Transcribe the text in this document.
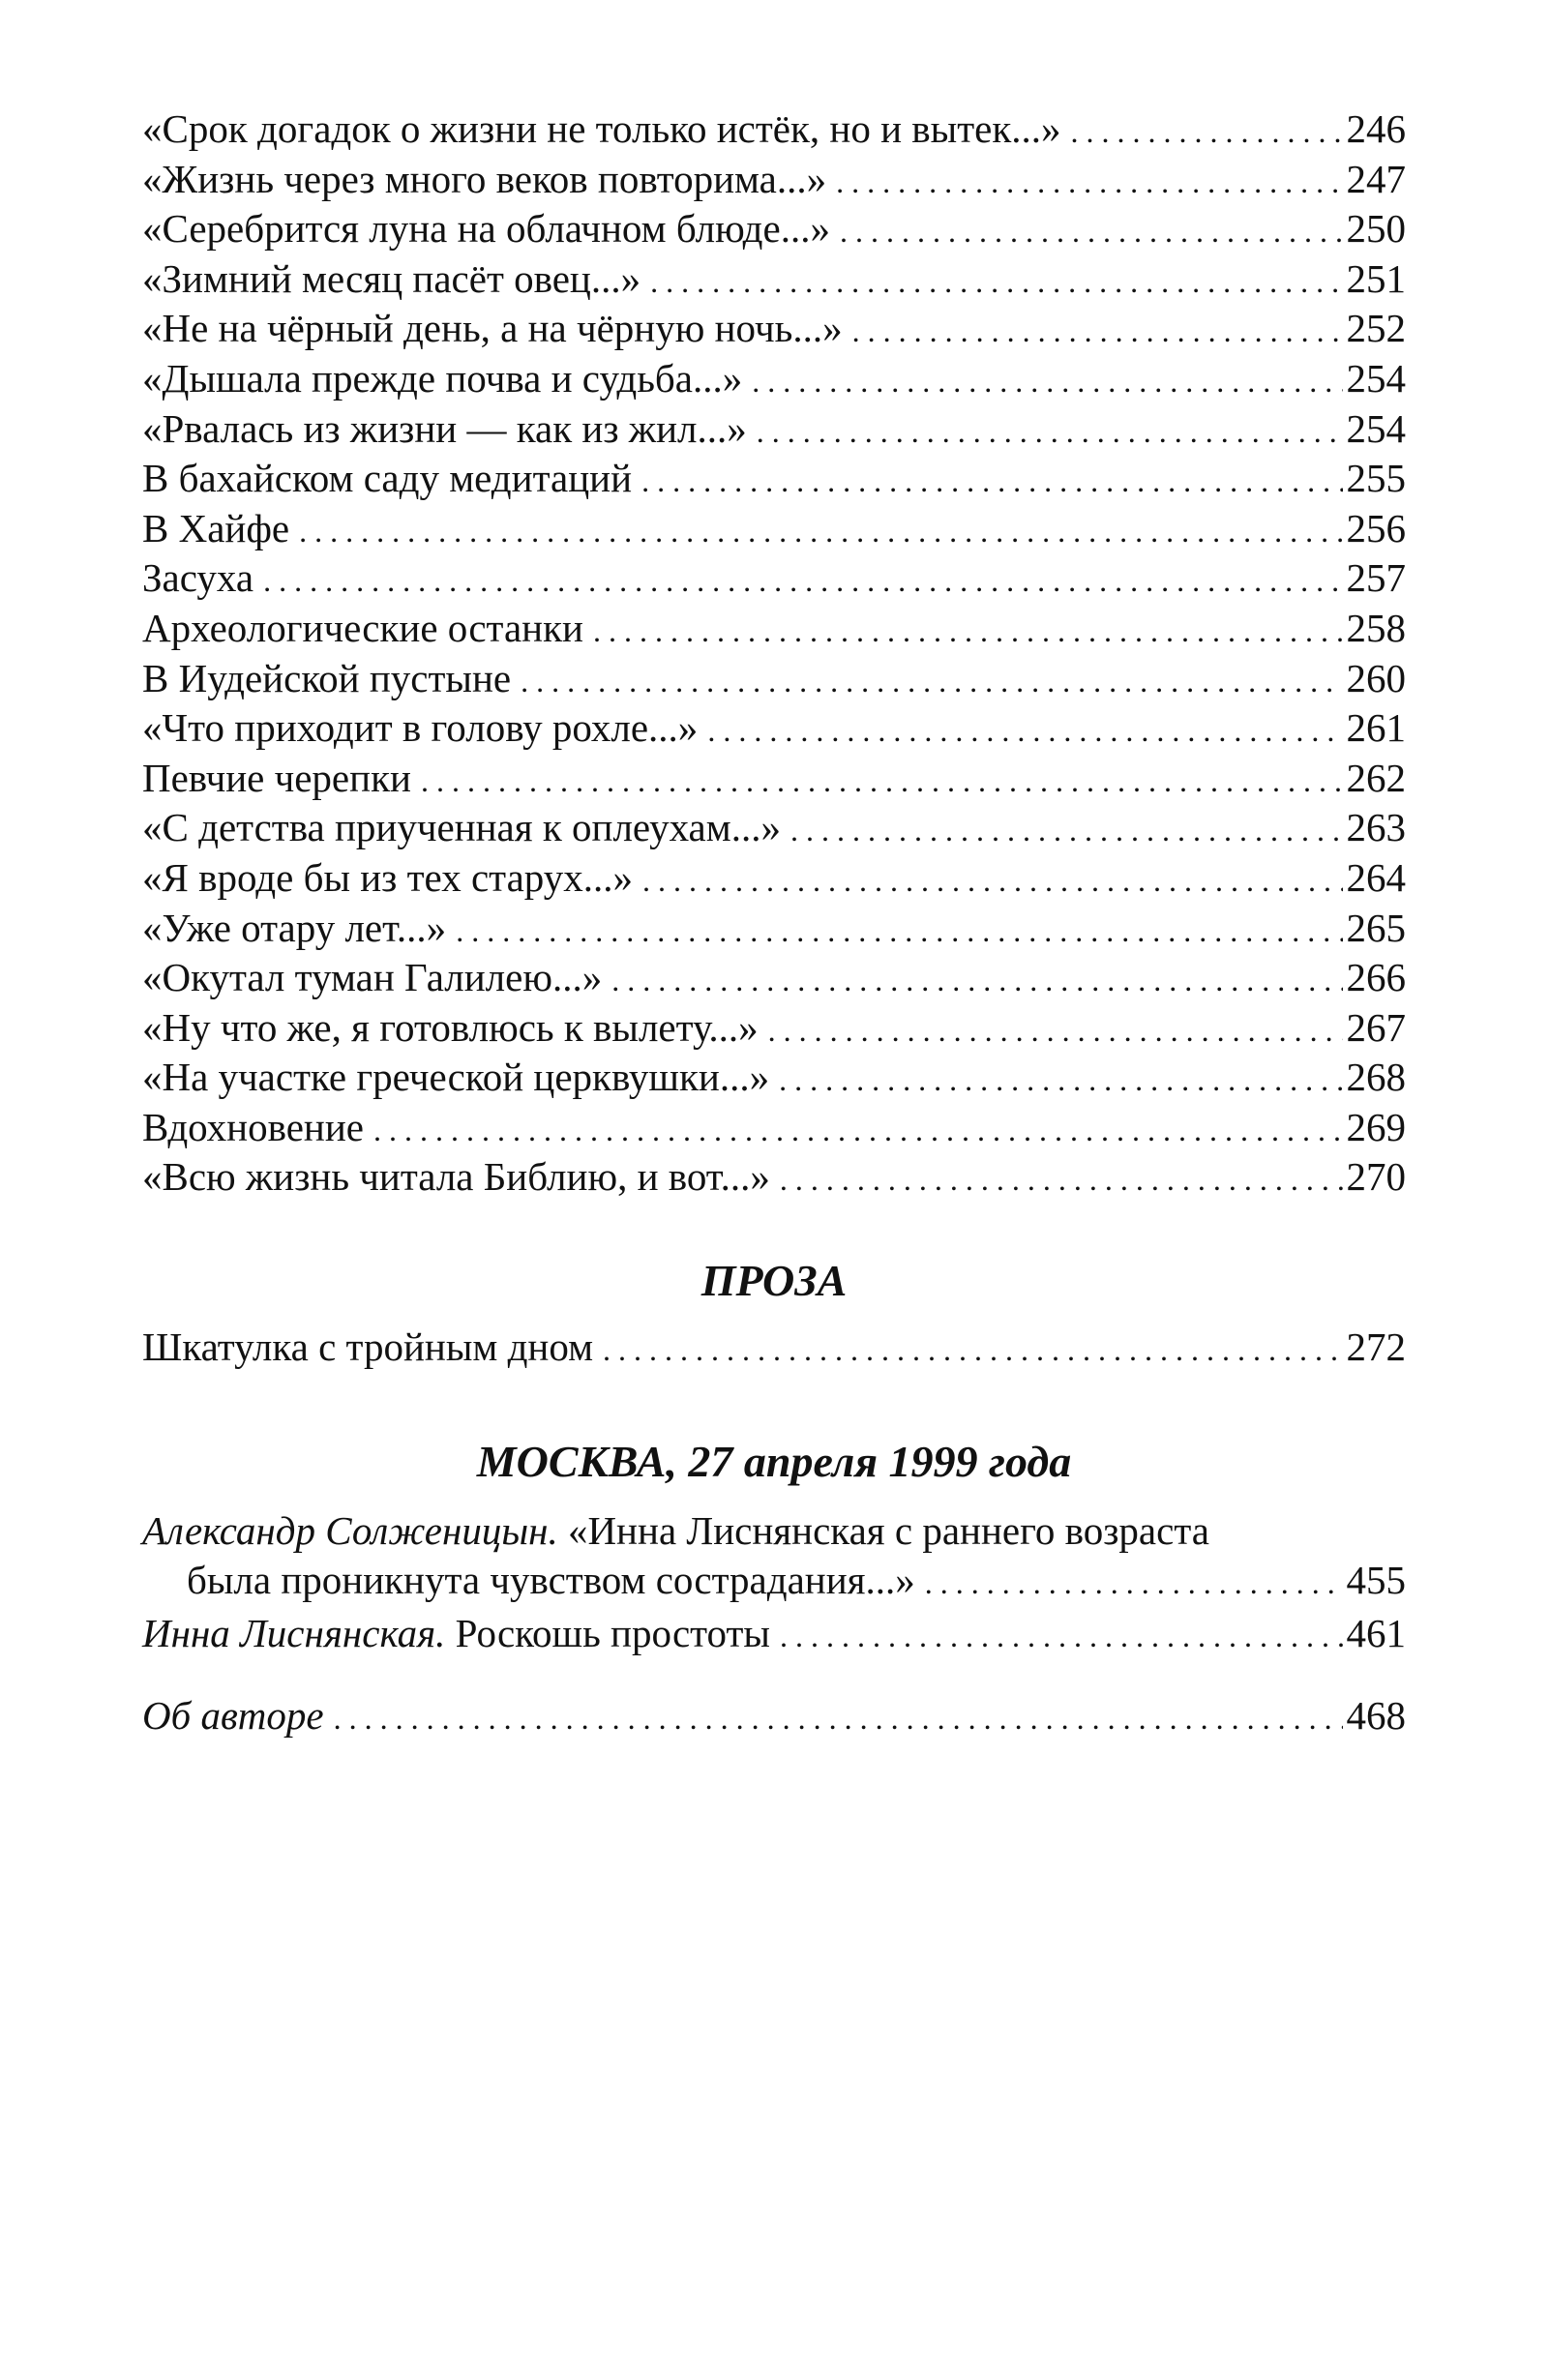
«Срок догадок о жизни не только истёк, но и вытек...» . . .	246
«Жизнь через много веков повторима...» . . .	247
«Серебрится луна на облачном блюде...» . . .	250
«Зимний месяц пасёт овец...» . . .	251
«Не на чёрный день, а на чёрную ночь...» . . .	252
«Дышала прежде почва и судьба...» . . .	254
«Рвалась из жизни — как из жил...» . . .	254
В бахайском саду медитаций . . .	255
В Хайфе . . .	256
Засуха . . .	257
Археологические останки . . .	258
В Иудейской пустыне . . .	260
«Что приходит в голову рохле...» . . .	261
Певчие черепки . . .	262
«С детства приученная к оплеухам...» . . .	263
«Я вроде бы из тех старух...» . . .	264
«Уже отару лет...» . . .	265
«Окутал туман Галилею...» . . .	266
«Ну что же, я готовлюсь к вылету...» . . .	267
«На участке греческой церквушки...» . . .	268
Вдохновение . . .	269
«Всю жизнь читала Библию, и вот...» . . .	270
ПРОЗА
Шкатулка с тройным дном . . .	272
МОСКВА, 27 апреля 1999 года
Александр Солженицын. «Инна Лиснянская с раннего возраста
была проникнута чувством сострадания...» . . .	455
Инна Лиснянская. Роскошь простоты . . .	461
Об авторе . . .	468
